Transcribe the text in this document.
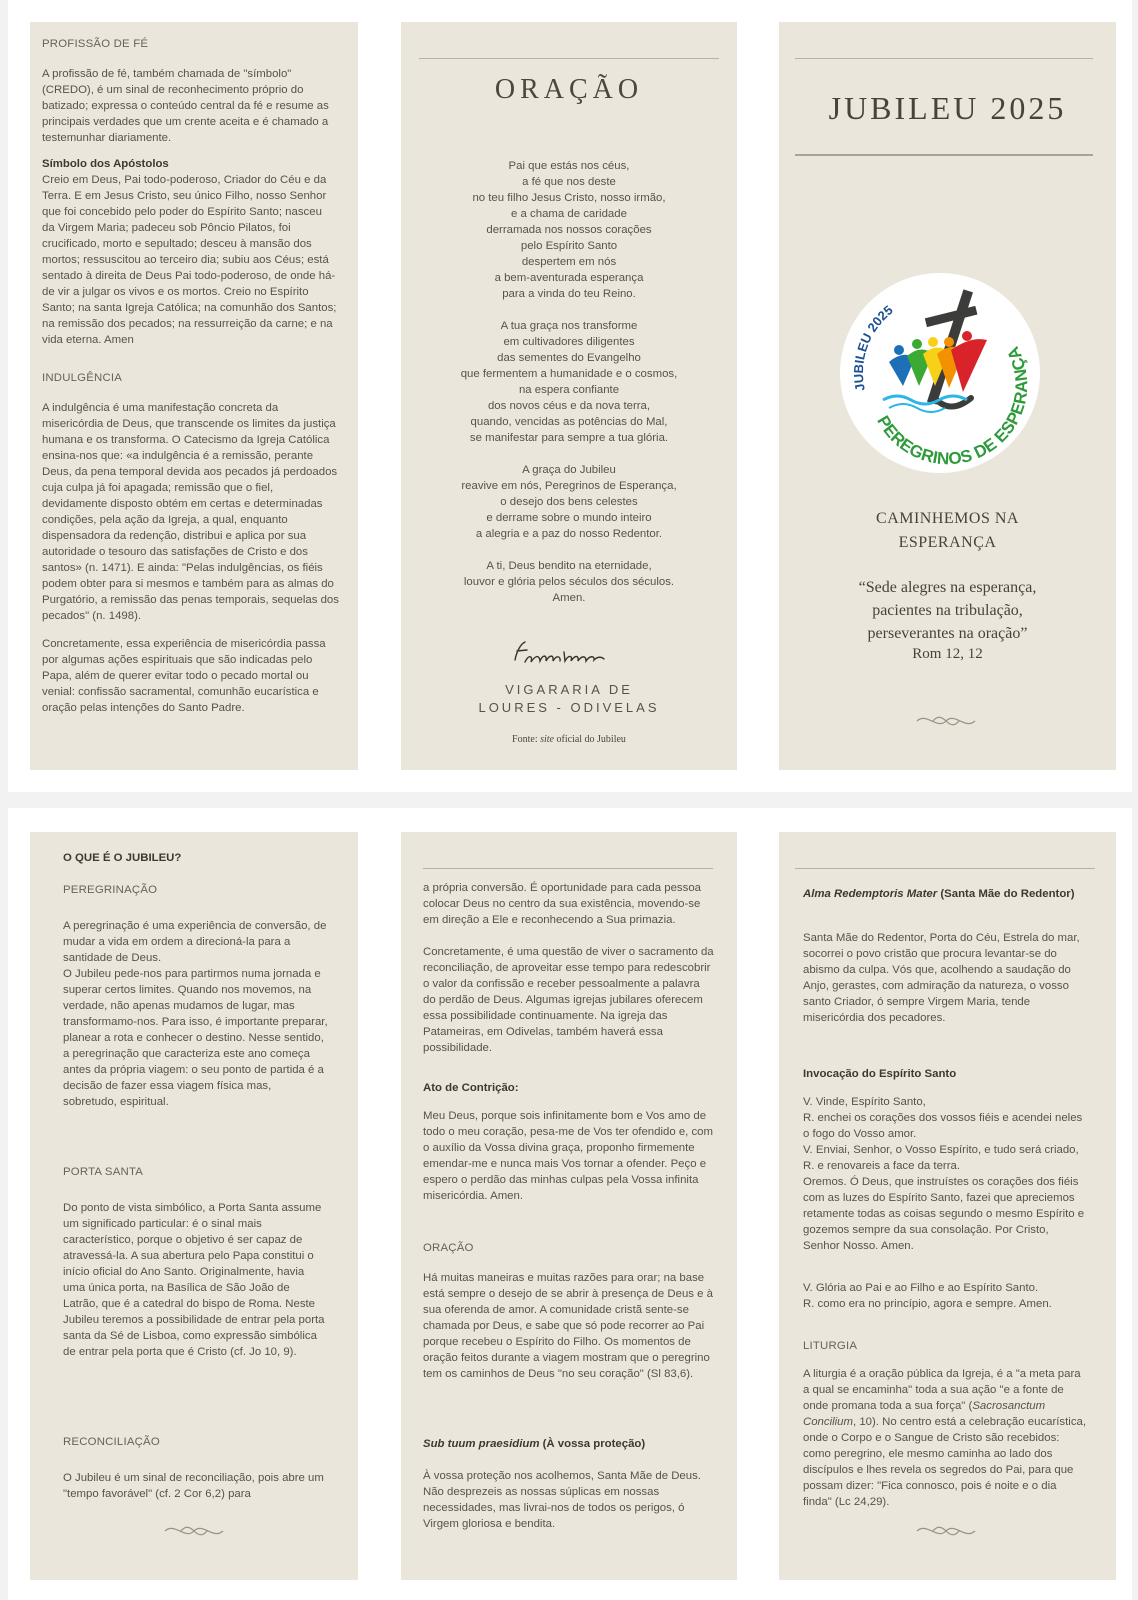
PROFISSÃO DE FÉ

A profissão de fé, também chamada de "símbolo" (CREDO), é um sinal de reconhecimento próprio do batizado; expressa o conteúdo central da fé e resume as principais verdades que um crente aceita e é chamado a testemunhar diariamente.

Símbolo dos Apóstolos

Creio em Deus, Pai todo-poderoso, Criador do Céu e da Terra. E em Jesus Cristo, seu único Filho, nosso Senhor que foi concebido pelo poder do Espírito Santo; nasceu da Virgem Maria; padeceu sob Pôncio Pilatos, foi crucificado, morto e sepultado; desceu à mansão dos mortos; ressuscitou ao terceiro dia; subiu aos Céus; está sentado à direita de Deus Pai todo-poderoso, de onde há-de vir a julgar os vivos e os mortos. Creio no Espírito Santo; na santa Igreja Católica; na comunhão dos Santos; na remissão dos pecados; na ressurreição da carne; e na vida eterna. Amen

INDULGÊNCIA

A indulgência é uma manifestação concreta da misericórdia de Deus, que transcende os limites da justiça humana e os transforma. O Catecismo da Igreja Católica ensina-nos que: «a indulgência é a remissão, perante Deus, da pena temporal devida aos pecados já perdoados cuja culpa já foi apagada; remissão que o fiel, devidamente disposto obtém em certas e determinadas condições, pela ação da Igreja, a qual, enquanto dispensadora da redenção, distribui e aplica por sua autoridade o tesouro das satisfações de Cristo e dos santos» (n. 1471). E ainda: "Pelas indulgências, os fiéis podem obter para si mesmos e também para as almas do Purgatório, a remissão das penas temporais, sequelas dos pecados" (n. 1498).

Concretamente, essa experiência de misericórdia passa por algumas ações espirituais que são indicadas pelo Papa, além de querer evitar todo o pecado mortal ou venial: confissão sacramental, comunhão eucarística e oração pelas intenções do Santo Padre.

ORAÇÃO
Pai que estás nos céus,
a fé que nos deste
no teu filho Jesus Cristo, nosso irmão,
e a chama de caridade
derramada nos nossos corações
pelo Espírito Santo
despertem em nós
a bem-aventurada esperança
para a vinda do teu Reino.
A tua graça nos transforme
em cultivadores diligentes
das sementes do Evangelho
que fermentem a humanidade e o cosmos,
na espera confiante
dos novos céus e da nova terra,
quando, vencidas as potências do Mal,
se manifestar para sempre a tua glória.
A graça do Jubileu
reavive em nós, Peregrinos de Esperança,
o desejo dos bens celestes
e derrame sobre o mundo inteiro
a alegria e a paz do nosso Redentor.
A ti, Deus bendito na eternidade,
louvor e glória pelos séculos dos séculos.
Amen.
VIGARARIA DE
LOURES - ODIVELAS
Fonte: site oficial do Jubileu
JUBILEU 2025
JUBILEU 2025
PEREGRINOS DE ESPERANÇA
CAMINHEMOS NA
ESPERANÇA
“Sede alegres na esperança,
pacientes na tribulação,
perseverantes na oração”
Rom 12, 12
O QUE É O JUBILEU?
PEREGRINAÇÃO

A peregrinação é uma experiência de conversão, de mudar a vida em ordem a direcioná-la para a santidade de Deus.

O Jubileu pede-nos para partirmos numa jornada e superar certos limites. Quando nos movemos, na verdade, não apenas mudamos de lugar, mas transformamo-nos. Para isso, é importante preparar, planear a rota e conhecer o destino. Nesse sentido, a peregrinação que caracteriza este ano começa antes da própria viagem: o seu ponto de partida é a decisão de fazer essa viagem física mas, sobretudo, espiritual.

PORTA SANTA

Do ponto de vista simbólico, a Porta Santa assume um significado particular: é o sinal mais característico, porque o objetivo é ser capaz de atravessá-la. A sua abertura pelo Papa constitui o início oficial do Ano Santo. Originalmente, havia uma única porta, na Basílica de São João de Latrão, que é a catedral do bispo de Roma. Neste Jubileu teremos a possibilidade de entrar pela porta santa da Sé de Lisboa, como expressão simbólica de entrar pela porta que é Cristo (cf. Jo 10, 9).

RECONCILIAÇÃO

O Jubileu é um sinal de reconciliação, pois abre um "tempo favorável" (cf. 2 Cor 6,2) para

a própria conversão. É oportunidade para cada pessoa colocar Deus no centro da sua existência, movendo-se em direção a Ele e reconhecendo a Sua primazia.

Concretamente, é uma questão de viver o sacramento da reconciliação, de aproveitar esse tempo para redescobrir o valor da confissão e receber pessoalmente a palavra do perdão de Deus. Algumas igrejas jubilares oferecem essa possibilidade continuamente. Na igreja das Patameiras, em Odivelas, também haverá essa possibilidade.

Ato de Contrição:

Meu Deus, porque sois infinitamente bom e Vos amo de todo o meu coração, pesa-me de Vos ter ofendido e, com o auxílio da Vossa divina graça, proponho firmemente emendar-me e nunca mais Vos tornar a ofender. Peço e espero o perdão das minhas culpas pela Vossa infinita misericórdia. Amen.

ORAÇÃO

Há muitas maneiras e muitas razões para orar; na base está sempre o desejo de se abrir à presença de Deus e à sua oferenda de amor. A comunidade cristã sente-se chamada por Deus, e sabe que só pode recorrer ao Pai porque recebeu o Espírito do Filho. Os momentos de oração feitos durante a viagem mostram que o peregrino tem os caminhos de Deus "no seu coração" (Sl 83,6).

Sub tuum praesidium (À vossa proteção)

À vossa proteção nos acolhemos, Santa Mãe de Deus. Não desprezeis as nossas súplicas em nossas necessidades, mas livrai-nos de todos os perigos, ó Virgem gloriosa e bendita.

Alma Redemptoris Mater (Santa Mãe do Redentor)

Santa Mãe do Redentor, Porta do Céu, Estrela do mar, socorrei o povo cristão que procura levantar-se do abismo da culpa. Vós que, acolhendo a saudação do Anjo, gerastes, com admiração da natureza, o vosso santo Criador, ó sempre Virgem Maria, tende misericórdia dos pecadores.

Invocação do Espírito Santo
V. Vinde, Espírito Santo,
R. enchei os corações dos vossos fiéis e acendei neles o fogo do Vosso amor.
V. Enviai, Senhor, o Vosso Espírito, e tudo será criado,
R. e renovareis a face da terra.
Oremos. Ó Deus, que instruístes os corações dos fiéis com as luzes do Espírito Santo, fazei que apreciemos retamente todas as coisas segundo o mesmo Espírito e gozemos sempre da sua consolação. Por Cristo, Senhor Nosso. Amen.
V. Glória ao Pai e ao Filho e ao Espírito Santo.
R. como era no princípio, agora e sempre. Amen.
LITURGIA

A liturgia é a oração pública da Igreja, é a "a meta para a qual se encaminha" toda a sua ação "e a fonte de onde promana toda a sua força" (Sacrosanctum Concilium, 10). No centro está a celebração eucarística, onde o Corpo e o Sangue de Cristo são recebidos: como peregrino, ele mesmo caminha ao lado dos discípulos e lhes revela os segredos do Pai, para que possam dizer: "Fica connosco, pois é noite e o dia finda" (Lc 24,29).
